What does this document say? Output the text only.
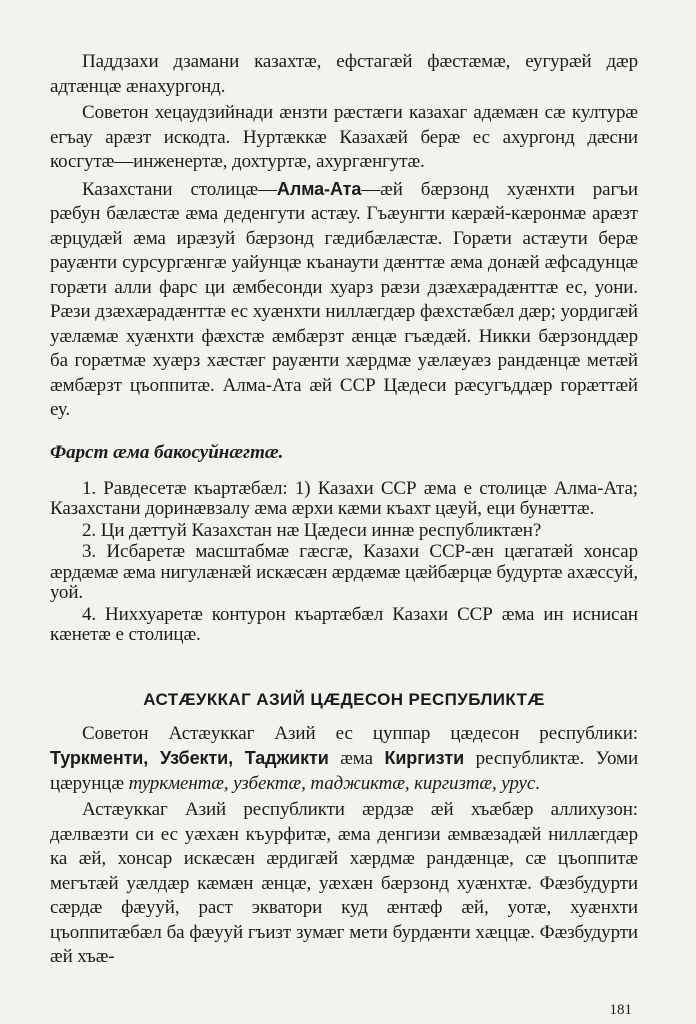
Паддзахи дзамани казахтæ, ефстагæй фæстæмæ, еугурæй дæр адтæнцæ æнахургонд.

Советон хецаудзийнади æнзти рæстæги казахаг адæмæн сæ културæ егъау арæзт искодта. Нуртæккæ Казахæй берæ ес ахургонд дæсни косгутæ—инженертæ, дохтуртæ, ахургæнгутæ.

Казахстани столицæ—Алма-Ата—æй бæрзонд хуæнхти рагъи рæбун бæлæстæ æма деденгути астæу. Гъæунгти кæрæй-кæронмæ арæзт æрцудæй æма ирæзуй бæрзонд гæдибæлæстæ. Горæти астæути берæ рауæнти сурсургæнгæ уайунцæ къанаути дæнттæ æма донæй æфсадунцæ горæти алли фарс ци æмбесонди хуарз рæзи дзæхæрадæнттæ ес, уони. Рæзи дзæхæрадæнттæ ес хуæнхти ниллæгдæр фæхстæбæл дæр; уордигæй уæлæмæ хуæнхти фæхстæ æмбæрзт æнцæ гъæдæй. Никки бæрзонддæр ба горæтмæ хуæрз хæстæг рауæнти хæрдмæ уæлæуæз рандæнцæ метæй æмбæрзт цъоппитæ. Алма-Ата æй ССР Цæдеси рæсугъддæр горæттæй еу.

Фарст æма бакосуйнæгтæ.

1. Равдесетæ къартæбæл: 1) Казахи ССР æма е столицæ Алма-Ата; Казахстани доринæвзалу æма æрхи кæми къахт цæуй, еци бунæттæ.

2. Ци дæттуй Казахстан нæ Цæдеси иннæ республиктæн?

3. Исбаретæ масштабмæ гæсгæ, Казахи ССР-æн цæгатæй хонсар æрдæмæ æма нигулæнæй искæсæн æрдæмæ цæйбæрцæ будуртæ ахæссуй, уой.

4. Ниххуаретæ контурон къартæбæл Казахи ССР æма ин иснисан кæнетæ е столицæ.

АСТÆУККАГ АЗИЙ ЦÆДЕСОН РЕСПУБЛИКТÆ

Советон Астæуккаг Азий ес цуппар цæдесон республики: Туркменти, Узбекти, Таджикти æма Киргизти республиктæ. Уоми цæрунцæ туркментæ, узбектæ, таджиктæ, киргизтæ, урус.

Астæуккаг Азий республикти æрдзæ æй хъæбæр аллихузон: дæлвæзти си ес уæхæн къурфитæ, æма денгизи æмвæзадæй ниллæгдæр ка æй, хонсар искæсæн æрдигæй хæрдмæ рандæнцæ, сæ цъоппитæ мегътæй уæлдæр кæмæн æнцæ, уæхæн бæрзонд хуæнхтæ. Фæзбудурти сæрдæ фæууй, раст экватори куд æнтæф æй, уотæ, хуæнхти цъоппитæбæл ба фæууй гъизт зумæг мети бурдæнти хæццæ. Фæзбудурти æй хъæ-

181
